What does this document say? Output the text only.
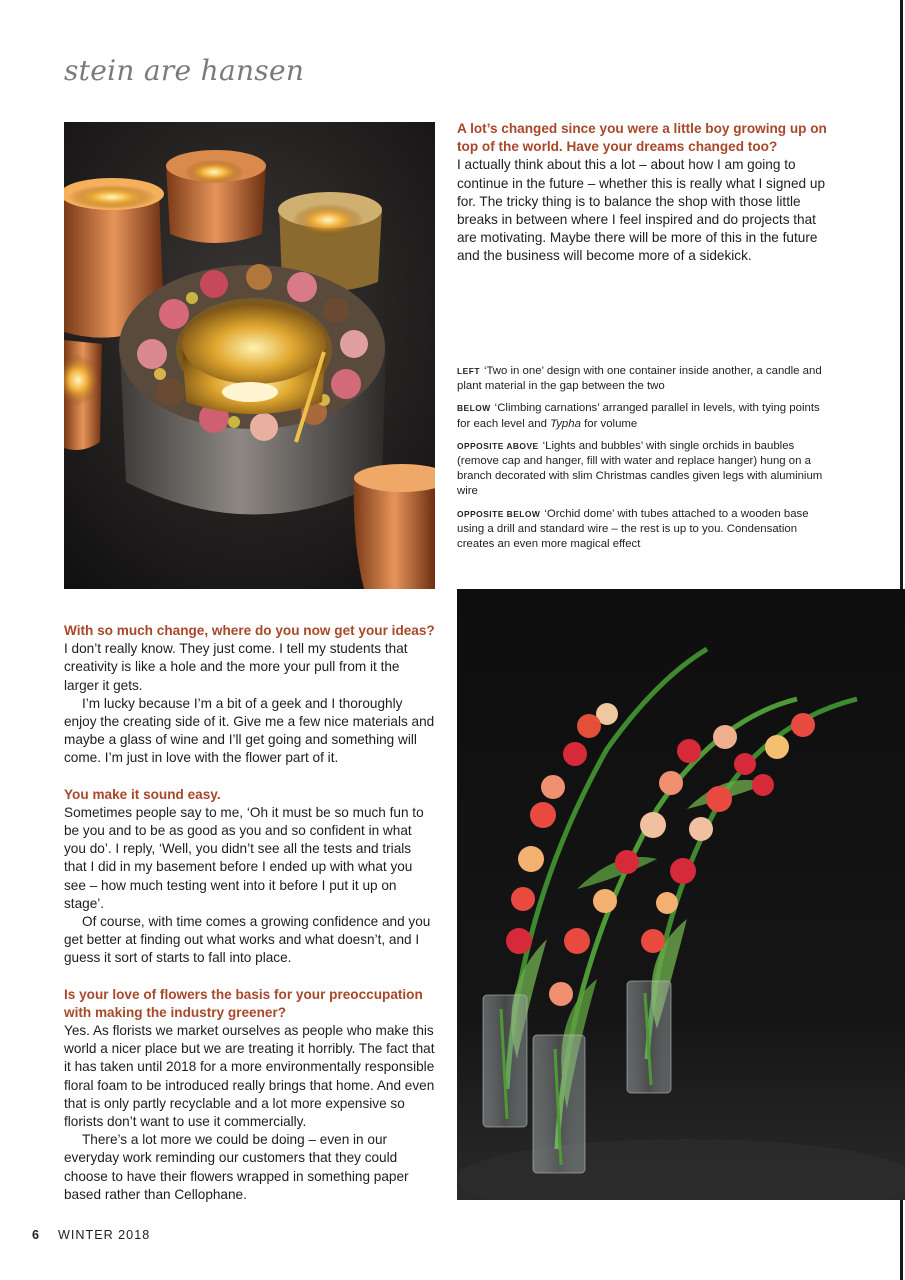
stein are hansen

A lot’s changed since you were a little boy growing up on top of the world. Have your dreams changed too?

I actually think about this a lot – about how I am going to continue in the future – whether this is really what I signed up for. The tricky thing is to balance the shop with those little breaks in between where I feel inspired and do projects that are motivating. Maybe there will be more of this in the future and the business will become more of a sidekick.

LEFT ‘Two in one’ design with one container inside another, a candle and plant material in the gap between the two

BELOW ‘Climbing carnations’ arranged parallel in levels, with tying points for each level and Typha for volume

OPPOSITE ABOVE ‘Lights and bubbles’ with single orchids in baubles (remove cap and hanger, fill with water and replace hanger) hung on a branch decorated with slim Christmas candles given legs with aluminium wire

OPPOSITE BELOW ‘Orchid dome’ with tubes attached to a wooden base using a drill and standard wire – the rest is up to you. Condensation creates an even more magical effect

With so much change, where do you now get your ideas?

I don’t really know. They just come. I tell my students that creativity is like a hole and the more your pull from it the larger it gets.

I’m lucky because I’m a bit of a geek and I thoroughly enjoy the creating side of it. Give me a few nice materials and maybe a glass of wine and I’ll get going and something will come. I’m just in love with the flower part of it.

You make it sound easy.

Sometimes people say to me, ‘Oh it must be so much fun to be you and to be as good as you and so confident in what you do’. I reply, ‘Well, you didn’t see all the tests and trials that I did in my basement before I ended up with what you see – how much testing went into it before I put it up on stage’.

Of course, with time comes a growing confidence and you get better at finding out what works and what doesn’t, and I guess it sort of starts to fall into place.

Is your love of flowers the basis for your preoccupation with making the industry greener?

Yes. As florists we market ourselves as people who make this world a nicer place but we are treating it horribly. The fact that it has taken until 2018 for a more environmentally responsible floral foam to be introduced really brings that home. And even that is only partly recyclable and a lot more expensive so florists don’t want to use it commercially.

There’s a lot more we could be doing – even in our everyday work reminding our customers that they could choose to have their flowers wrapped in something paper based rather than Cellophane.

6 WINTER 2018
